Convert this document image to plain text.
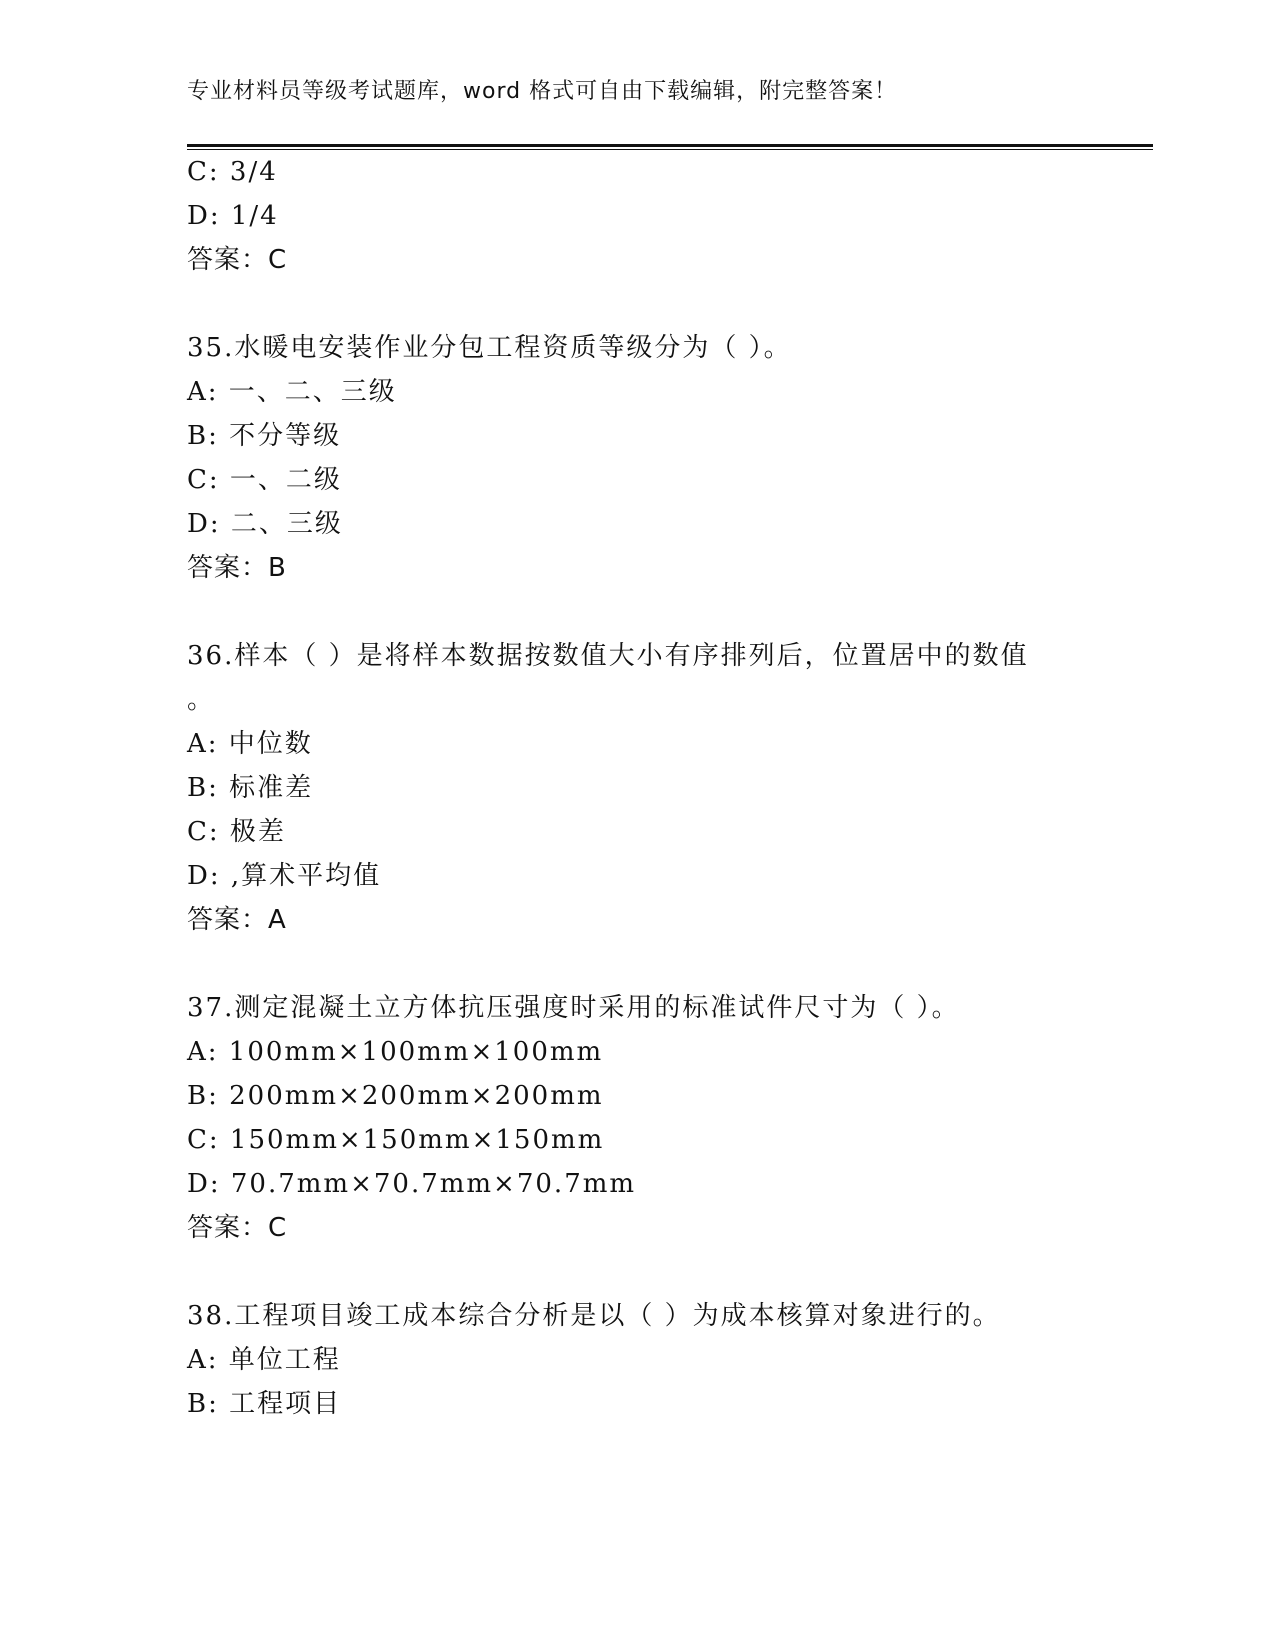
专业材料员等级考试题库，word 格式可自由下载编辑，附完整答案！
C: 3/4
D: 1/4
答案：C
35.水暖电安装作业分包工程资质等级分为（ ）。
A: 一、二、三级
B: 不分等级
C: 一、二级
D: 二、三级
答案：B
36.样本（ ）是将样本数据按数值大小有序排列后，位置居中的数值
。
A: 中位数
B: 标准差
C: 极差
D: ,算术平均值
答案：A
37.测定混凝土立方体抗压强度时采用的标准试件尺寸为（ ）。
A: 100mm×100mm×100mm
B: 200mm×200mm×200mm
C: 150mm×150mm×150mm
D: 70.7mm×70.7mm×70.7mm
答案：C
38.工程项目竣工成本综合分析是以（ ）为成本核算对象进行的。
A: 单位工程
B: 工程项目
